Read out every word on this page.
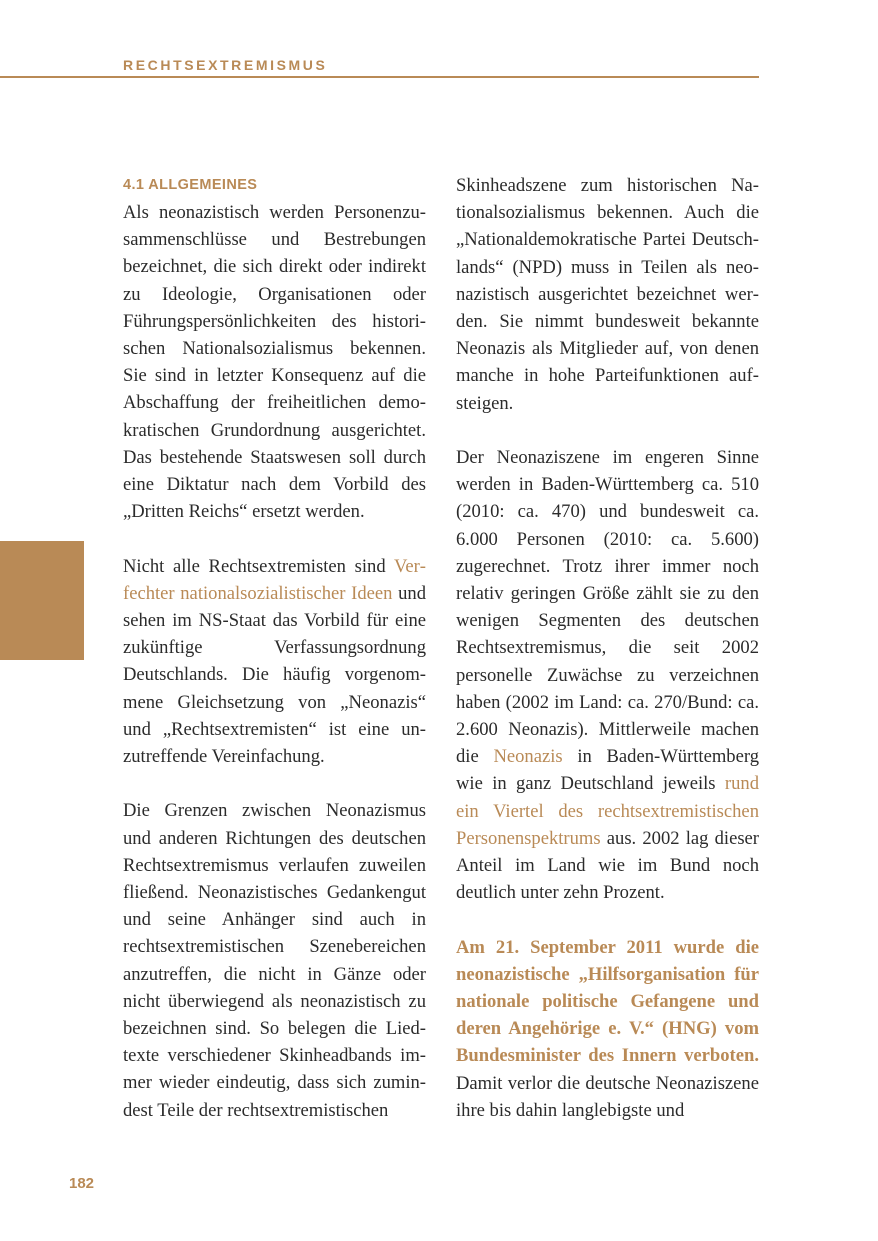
RECHTSEXTREMISMUS
4.1 ALLGEMEINES

Als neonazistisch werden Personenzusammenschlüsse und Bestrebungen bezeichnet, die sich direkt oder indirekt zu Ideologie, Organisationen oder Führungspersönlichkeiten des historischen Nationalsozialismus bekennen. Sie sind in letzter Konsequenz auf die Abschaffung der freiheitlichen demokratischen Grundordnung ausgerichtet. Das bestehende Staatswesen soll durch eine Diktatur nach dem Vorbild des „Dritten Reichs“ ersetzt werden.

Nicht alle Rechtsextremisten sind Verfechter nationalsozialistischer Ideen und sehen im NS-Staat das Vorbild für eine zukünftige Verfassungsordnung Deutschlands. Die häufig vorgenommene Gleichsetzung von „Neonazis“ und „Rechtsextremisten“ ist eine unzutreffende Vereinfachung.

Die Grenzen zwischen Neonazismus und anderen Richtungen des deutschen Rechtsextremismus verlaufen zuweilen fließend. Neonazistisches Gedankengut und seine Anhänger sind auch in rechtsextremistischen Szenebereichen anzutreffen, die nicht in Gänze oder nicht überwiegend als neonazistisch zu bezeichnen sind. So belegen die Liedtexte verschiedener Skinheadbands immer wieder eindeutig, dass sich zumindest Teile der rechtsextremistischen

Skinheadszene zum historischen Nationalsozialismus bekennen. Auch die „Nationaldemokratische Partei Deutschlands“ (NPD) muss in Teilen als neonazistisch ausgerichtet bezeichnet werden. Sie nimmt bundesweit bekannte Neonazis als Mitglieder auf, von denen manche in hohe Parteifunktionen aufsteigen.

Der Neonaziszene im engeren Sinne werden in Baden-Württemberg ca. 510 (2010: ca. 470) und bundesweit ca. 6.000 Personen (2010: ca. 5.600) zugerechnet. Trotz ihrer immer noch relativ geringen Größe zählt sie zu den wenigen Segmenten des deutschen Rechtsextremismus, die seit 2002 personelle Zuwächse zu verzeichnen haben (2002 im Land: ca. 270/Bund: ca. 2.600 Neonazis). Mittlerweile machen die Neonazis in Baden-Württemberg wie in ganz Deutschland jeweils rund ein Viertel des rechtsextremistischen Personenspektrums aus. 2002 lag dieser Anteil im Land wie im Bund noch deutlich unter zehn Prozent.

Am 21. September 2011 wurde die neonazistische „Hilfsorganisation für nationale politische Gefangene und deren Angehörige e. V.“ (HNG) vom Bundesminister des Innern verboten. Damit verlor die deutsche Neonaziszene ihre bis dahin langlebigste und

182
